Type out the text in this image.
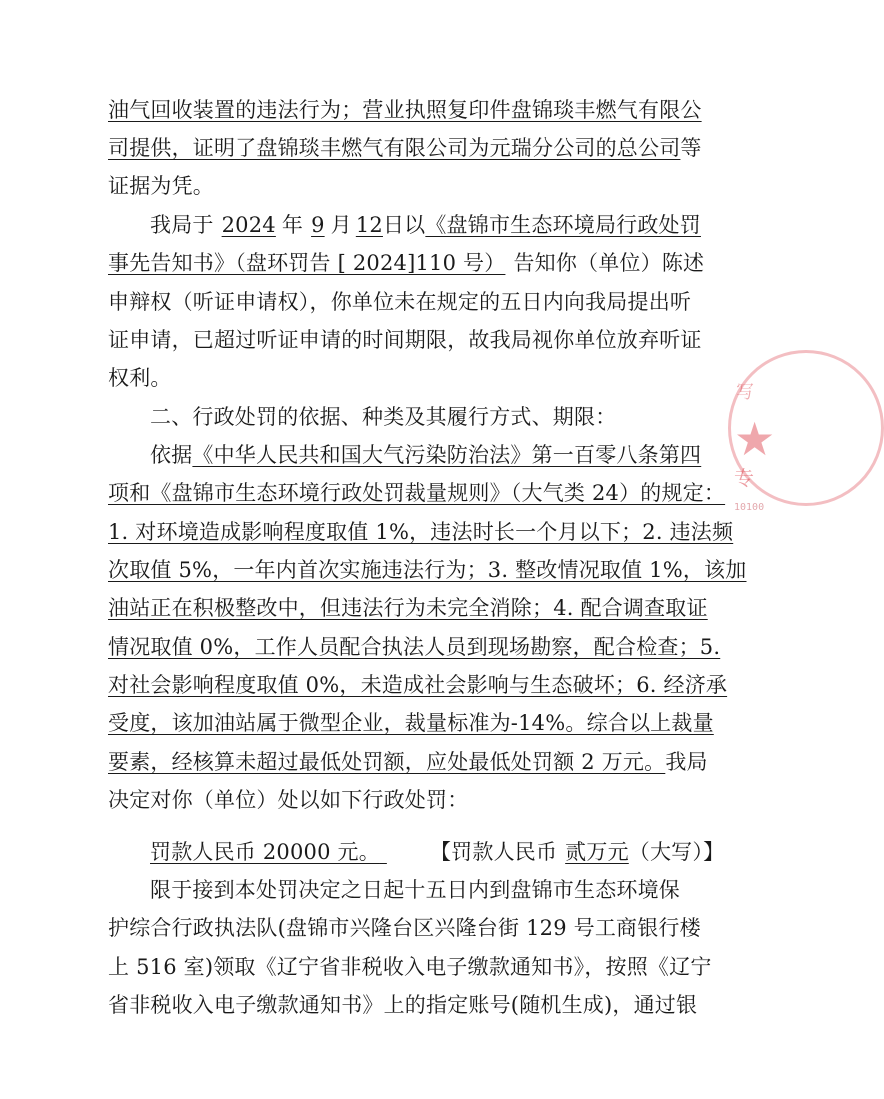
油气回收装置的违法行为；营业执照复印件盘锦琰丰燃气有限公
司提供，证明了盘锦琰丰燃气有限公司为元瑞分公司的总公司等
证据为凭。
我局于 2024 年 9 月 12日以《盘锦市生态环境局行政处罚
事先告知书》（盘环罚告 [ 2024]110 号） 告知你（单位）陈述
申辩权（听证申请权），你单位未在规定的五日内向我局提出听
证申请，已超过听证申请的时间期限，故我局视你单位放弃听证
权利。
二、行政处罚的依据、种类及其履行方式、期限：
依据《中华人民共和国大气污染防治法》第一百零八条第四
项和《盘锦市生态环境行政处罚裁量规则》（大气类 24）的规定：
1. 对环境造成影响程度取值 1%，违法时长一个月以下；2. 违法频
次取值 5%，一年内首次实施违法行为；3. 整改情况取值 1%，该加
油站正在积极整改中，但违法行为未完全消除；4. 配合调查取证
情况取值 0%，工作人员配合执法人员到现场勘察，配合检查；5.
对社会影响程度取值 0%，未造成社会影响与生态破坏；6. 经济承
受度，该加油站属于微型企业，裁量标准为-14%。综合以上裁量
要素，经核算未超过最低处罚额，应处最低处罚额 2 万元。我局
决定对你（单位）处以如下行政处罚：
罚款人民币 20000 元。 【罚款人民币 贰万元（大写）】
限于接到本处罚决定之日起十五日内到盘锦市生态环境保
护综合行政执法队(盘锦市兴隆台区兴隆台街 129 号工商银行楼
上 516 室)领取《辽宁省非税收入电子缴款通知书》，按照《辽宁
省非税收入电子缴款通知书》上的指定账号(随机生成)，通过银
写
★
专
10100
